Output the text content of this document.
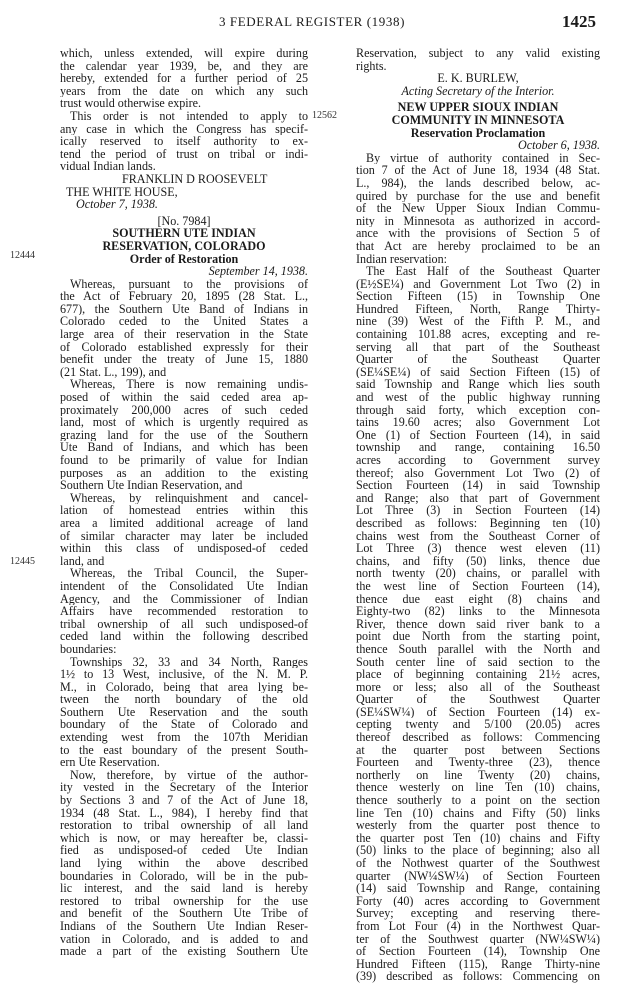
3 FEDERAL REGISTER (1938)	1425
12444
12445
12562
which, unless extended, will expire during
the calendar year 1939, be, and they are
hereby, extended for a further period of 25
years from the date on which any such
trust would otherwise expire.
This order is not intended to apply to
any case in which the Congress has specif-
ically reserved to itself authority to ex-
tend the period of trust on tribal or indi-
vidual Indian lands.
FRANKLIN D ROOSEVELT
THE WHITE HOUSE,
October 7, 1938.
[No. 7984]
SOUTHERN UTE INDIAN
RESERVATION, COLORADO
Order of Restoration
September 14, 1938.
Whereas, pursuant to the provisions of
the Act of February 20, 1895 (28 Stat. L.,
677), the Southern Ute Band of Indians in
Colorado ceded to the United States a
large area of their reservation in the State
of Colorado established expressly for their
benefit under the treaty of June 15, 1880
(21 Stat. L., 199), and
Whereas, There is now remaining undis-
posed of within the said ceded area ap-
proximately 200,000 acres of such ceded
land, most of which is urgently required as
grazing land for the use of the Southern
Ute Band of Indians, and which has been
found to be primarily of value for Indian
purposes as an addition to the existing
Southern Ute Indian Reservation, and
Whereas, by relinquishment and cancel-
lation of homestead entries within this
area a limited additional acreage of land
of similar character may later be included
within this class of undisposed-of ceded
land, and
Whereas, the Tribal Council, the Super-
intendent of the Consolidated Ute Indian
Agency, and the Commissioner of Indian
Affairs have recommended restoration to
tribal ownership of all such undisposed-of
ceded land within the following described
boundaries:
Townships 32, 33 and 34 North, Ranges
1½ to 13 West, inclusive, of the N. M. P.
M., in Colorado, being that area lying be-
tween the north boundary of the old
Southern Ute Reservation and the south
boundary of the State of Colorado and
extending west from the 107th Meridian
to the east boundary of the present South-
ern Ute Reservation.
Now, therefore, by virtue of the author-
ity vested in the Secretary of the Interior
by Sections 3 and 7 of the Act of June 18,
1934 (48 Stat. L., 984), I hereby find that
restoration to tribal ownership of all land
which is now, or may hereafter be, classi-
fied as undisposed-of ceded Ute Indian
land lying within the above described
boundaries in Colorado, will be in the pub-
lic interest, and the said land is hereby
restored to tribal ownership for the use
and benefit of the Southern Ute Tribe of
Indians of the Southern Ute Indian Reser-
vation in Colorado, and is added to and
made a part of the existing Southern Ute
Reservation, subject to any valid existing
rights.
E. K. BURLEW,
Acting Secretary of the Interior.
NEW UPPER SIOUX INDIAN
COMMUNITY IN MINNESOTA
Reservation Proclamation
October 6, 1938.
By virtue of authority contained in Sec-
tion 7 of the Act of June 18, 1934 (48 Stat.
L., 984), the lands described below, ac-
quired by purchase for the use and benefit
of the New Upper Sioux Indian Commu-
nity in Minnesota as authorized in accord-
ance with the provisions of Section 5 of
that Act are hereby proclaimed to be an
Indian reservation:
The East Half of the Southeast Quarter
(E½SE¼) and Government Lot Two (2) in
Section Fifteen (15) in Township One
Hundred Fifteen, North, Range Thirty-
nine (39) West of the Fifth P. M., and
containing 101.88 acres, excepting and re-
serving all that part of the Southeast
Quarter of the Southeast Quarter
(SE¼SE¼) of said Section Fifteen (15) of
said Township and Range which lies south
and west of the public highway running
through said forty, which exception con-
tains 19.60 acres; also Government Lot
One (1) of Section Fourteen (14), in said
township and range, containing 16.50
acres according to Government survey
thereof; also Government Lot Two (2) of
Section Fourteen (14) in said Township
and Range; also that part of Government
Lot Three (3) in Section Fourteen (14)
described as follows: Beginning ten (10)
chains west from the Southeast Corner of
Lot Three (3) thence west eleven (11)
chains, and fifty (50) links, thence due
north twenty (20) chains, or parallel with
the west line of Section Fourteen (14),
thence due east eight (8) chains and
Eighty-two (82) links to the Minnesota
River, thence down said river bank to a
point due North from the starting point,
thence South parallel with the North and
South center line of said section to the
place of beginning containing 21½ acres,
more or less; also all of the Southeast
Quarter of the Southwest Quarter
(SE¼SW¼) of Section Fourteen (14) ex-
cepting twenty and 5/100 (20.05) acres
thereof described as follows: Commencing
at the quarter post between Sections
Fourteen and Twenty-three (23), thence
northerly on line Twenty (20) chains,
thence westerly on line Ten (10) chains,
thence southerly to a point on the section
line Ten (10) chains and Fifty (50) links
westerly from the quarter post thence to
the quarter post Ten (10) chains and Fifty
(50) links to the place of beginning; also all
of the Nothwest quarter of the Southwest
quarter (NW¼SW¼) of Section Fourteen
(14) said Township and Range, containing
Forty (40) acres according to Government
Survey; excepting and reserving there-
from Lot Four (4) in the Northwest Quar-
ter of the Southwest quarter (NW¼SW¼)
of Section Fourteen (14), Township One
Hundred Fifteen (115), Range Thirty-nine
(39) described as follows: Commencing on
